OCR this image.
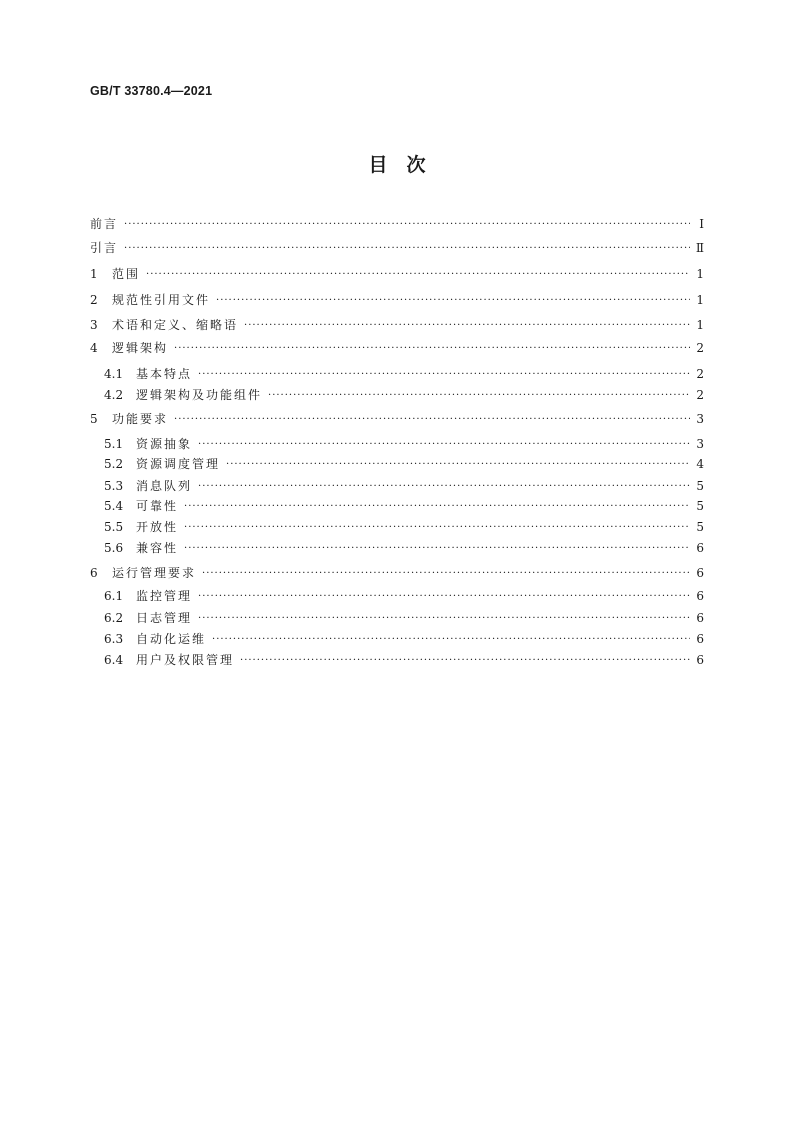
GB/T 33780.4—2021
目　次
前言 ·····	Ⅰ
引言 ·····	Ⅱ
1	范围 ·····	1
2	规范性引用文件 ·····	1
3	术语和定义、缩略语 ·····	1
4	逻辑架构 ·····	2
4.1	基本特点 ·····	2
4.2	逻辑架构及功能组件 ·····	2
5	功能要求 ·····	3
5.1	资源抽象 ·····	3
5.2	资源调度管理 ·····	4
5.3	消息队列 ·····	5
5.4	可靠性 ·····	5
5.5	开放性 ·····	5
5.6	兼容性 ·····	6
6	运行管理要求 ·····	6
6.1	监控管理 ·····	6
6.2	日志管理 ·····	6
6.3	自动化运维 ·····	6
6.4	用户及权限管理 ·····	6
